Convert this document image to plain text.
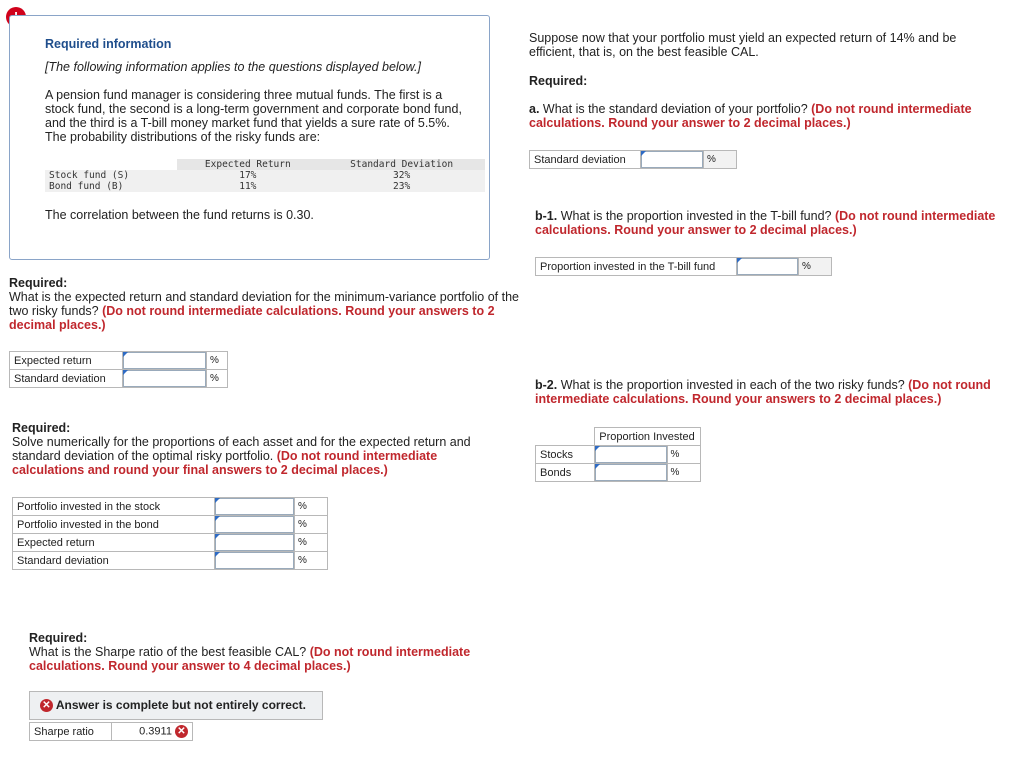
Required information
[The following information applies to the questions displayed below.]
A pension fund manager is considering three mutual funds. The first is a stock fund, the second is a long-term government and corporate bond fund, and the third is a T-bill money market fund that yields a sure rate of 5.5%. The probability distributions of the risky funds are:
	Expected Return	Standard Deviation
Stock fund (S)	17%	32%
Bond fund (B)	11%	23%
The correlation between the fund returns is 0.30.
Required:
What is the expected return and standard deviation for the minimum-variance portfolio of the two risky funds? (Do not round intermediate calculations. Round your answers to 2 decimal places.)
Expected return		%
Standard deviation		%
Required:
Solve numerically for the proportions of each asset and for the expected return and standard deviation of the optimal risky portfolio. (Do not round intermediate calculations and round your final answers to 2 decimal places.)
Portfolio invested in the stock		%
Portfolio invested in the bond		%
Expected return		%
Standard deviation		%
Required:
What is the Sharpe ratio of the best feasible CAL? (Do not round intermediate calculations. Round your answer to 4 decimal places.)
✕ Answer is complete but not entirely correct.
Sharpe ratio	0.3911 ✕
Suppose now that your portfolio must yield an expected return of 14% and be efficient, that is, on the best feasible CAL.
Required:
a. What is the standard deviation of your portfolio? (Do not round intermediate calculations. Round your answer to 2 decimal places.)
Standard deviation		%
b-1. What is the proportion invested in the T-bill fund? (Do not round intermediate calculations. Round your answer to 2 decimal places.)
Proportion invested in the T-bill fund		%
b-2. What is the proportion invested in each of the two risky funds? (Do not round intermediate calculations. Round your answers to 2 decimal places.)
	Proportion Invested	
Stocks		%
Bonds		%
